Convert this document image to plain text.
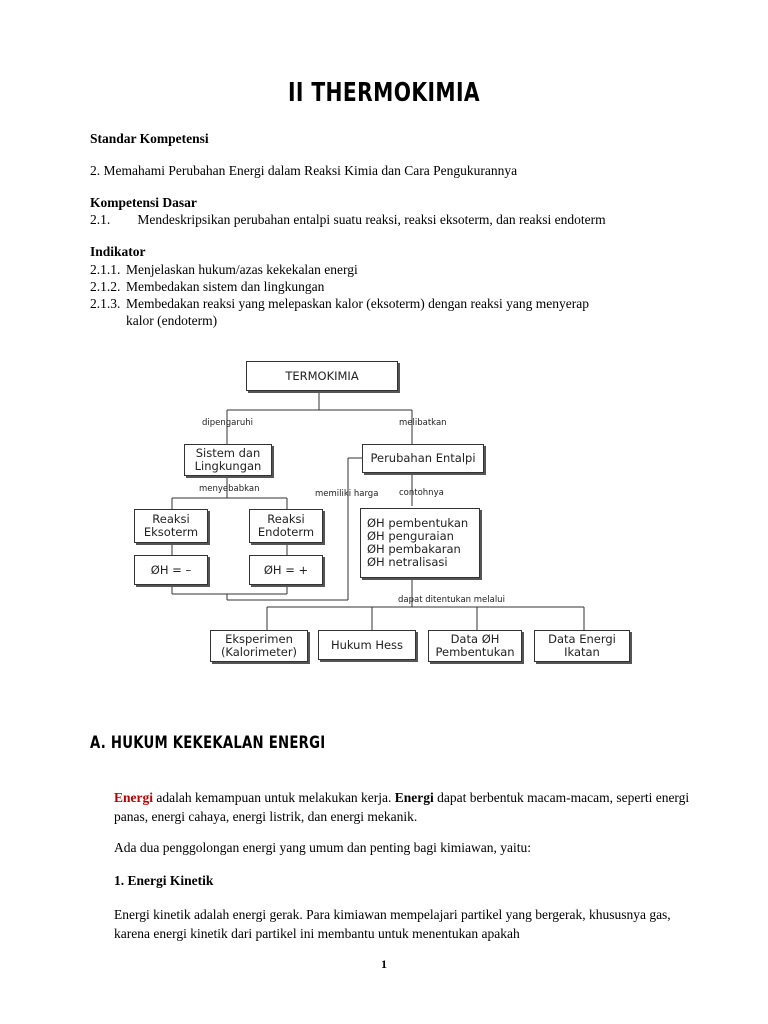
II THERMOKIMIA
Standar Kompetensi
2. Memahami Perubahan Energi dalam Reaksi Kimia dan Cara Pengukurannya
Kompetensi Dasar
2.1. Mendeskripsikan perubahan entalpi suatu reaksi, reaksi eksoterm, dan reaksi endoterm
Indikator
2.1.1. Menjelaskan hukum/azas kekekalan energi
2.1.2. Membedakan sistem dan lingkungan
2.1.3. Membedakan reaksi yang melepaskan kalor (eksoterm) dengan reaksi yang menyerap
kalor (endoterm)
TERMOKIMIA
dipengaruhi	melibatkan
Sistem dan
Lingkungan
Perubahan Entalpi
menyebabkan	memiliki harga contohnya
Reaksi
Eksoterm
Reaksi
Endoterm
ØH pembentukan
ØH penguraian
ØH pembakaran
ØH netralisasi
ØH = –	ØH = +
dapat ditentukan melalui
Eksperimen
(Kalorimeter)
Hukum Hess	Data ØH
Pembentukan
Data Energi
Ikatan
A. HUKUM KEKEKALAN ENERGI
Energi adalah kemampuan untuk melakukan kerja. Energi dapat berbentuk macam-macam, seperti energi panas, energi cahaya, energi listrik, dan energi mekanik.
Ada dua penggolongan energi yang umum dan penting bagi kimiawan, yaitu:
1. Energi Kinetik
Energi kinetik adalah energi gerak. Para kimiawan mempelajari partikel yang bergerak, khususnya gas, karena energi kinetik dari partikel ini membantu untuk menentukan apakah
1
